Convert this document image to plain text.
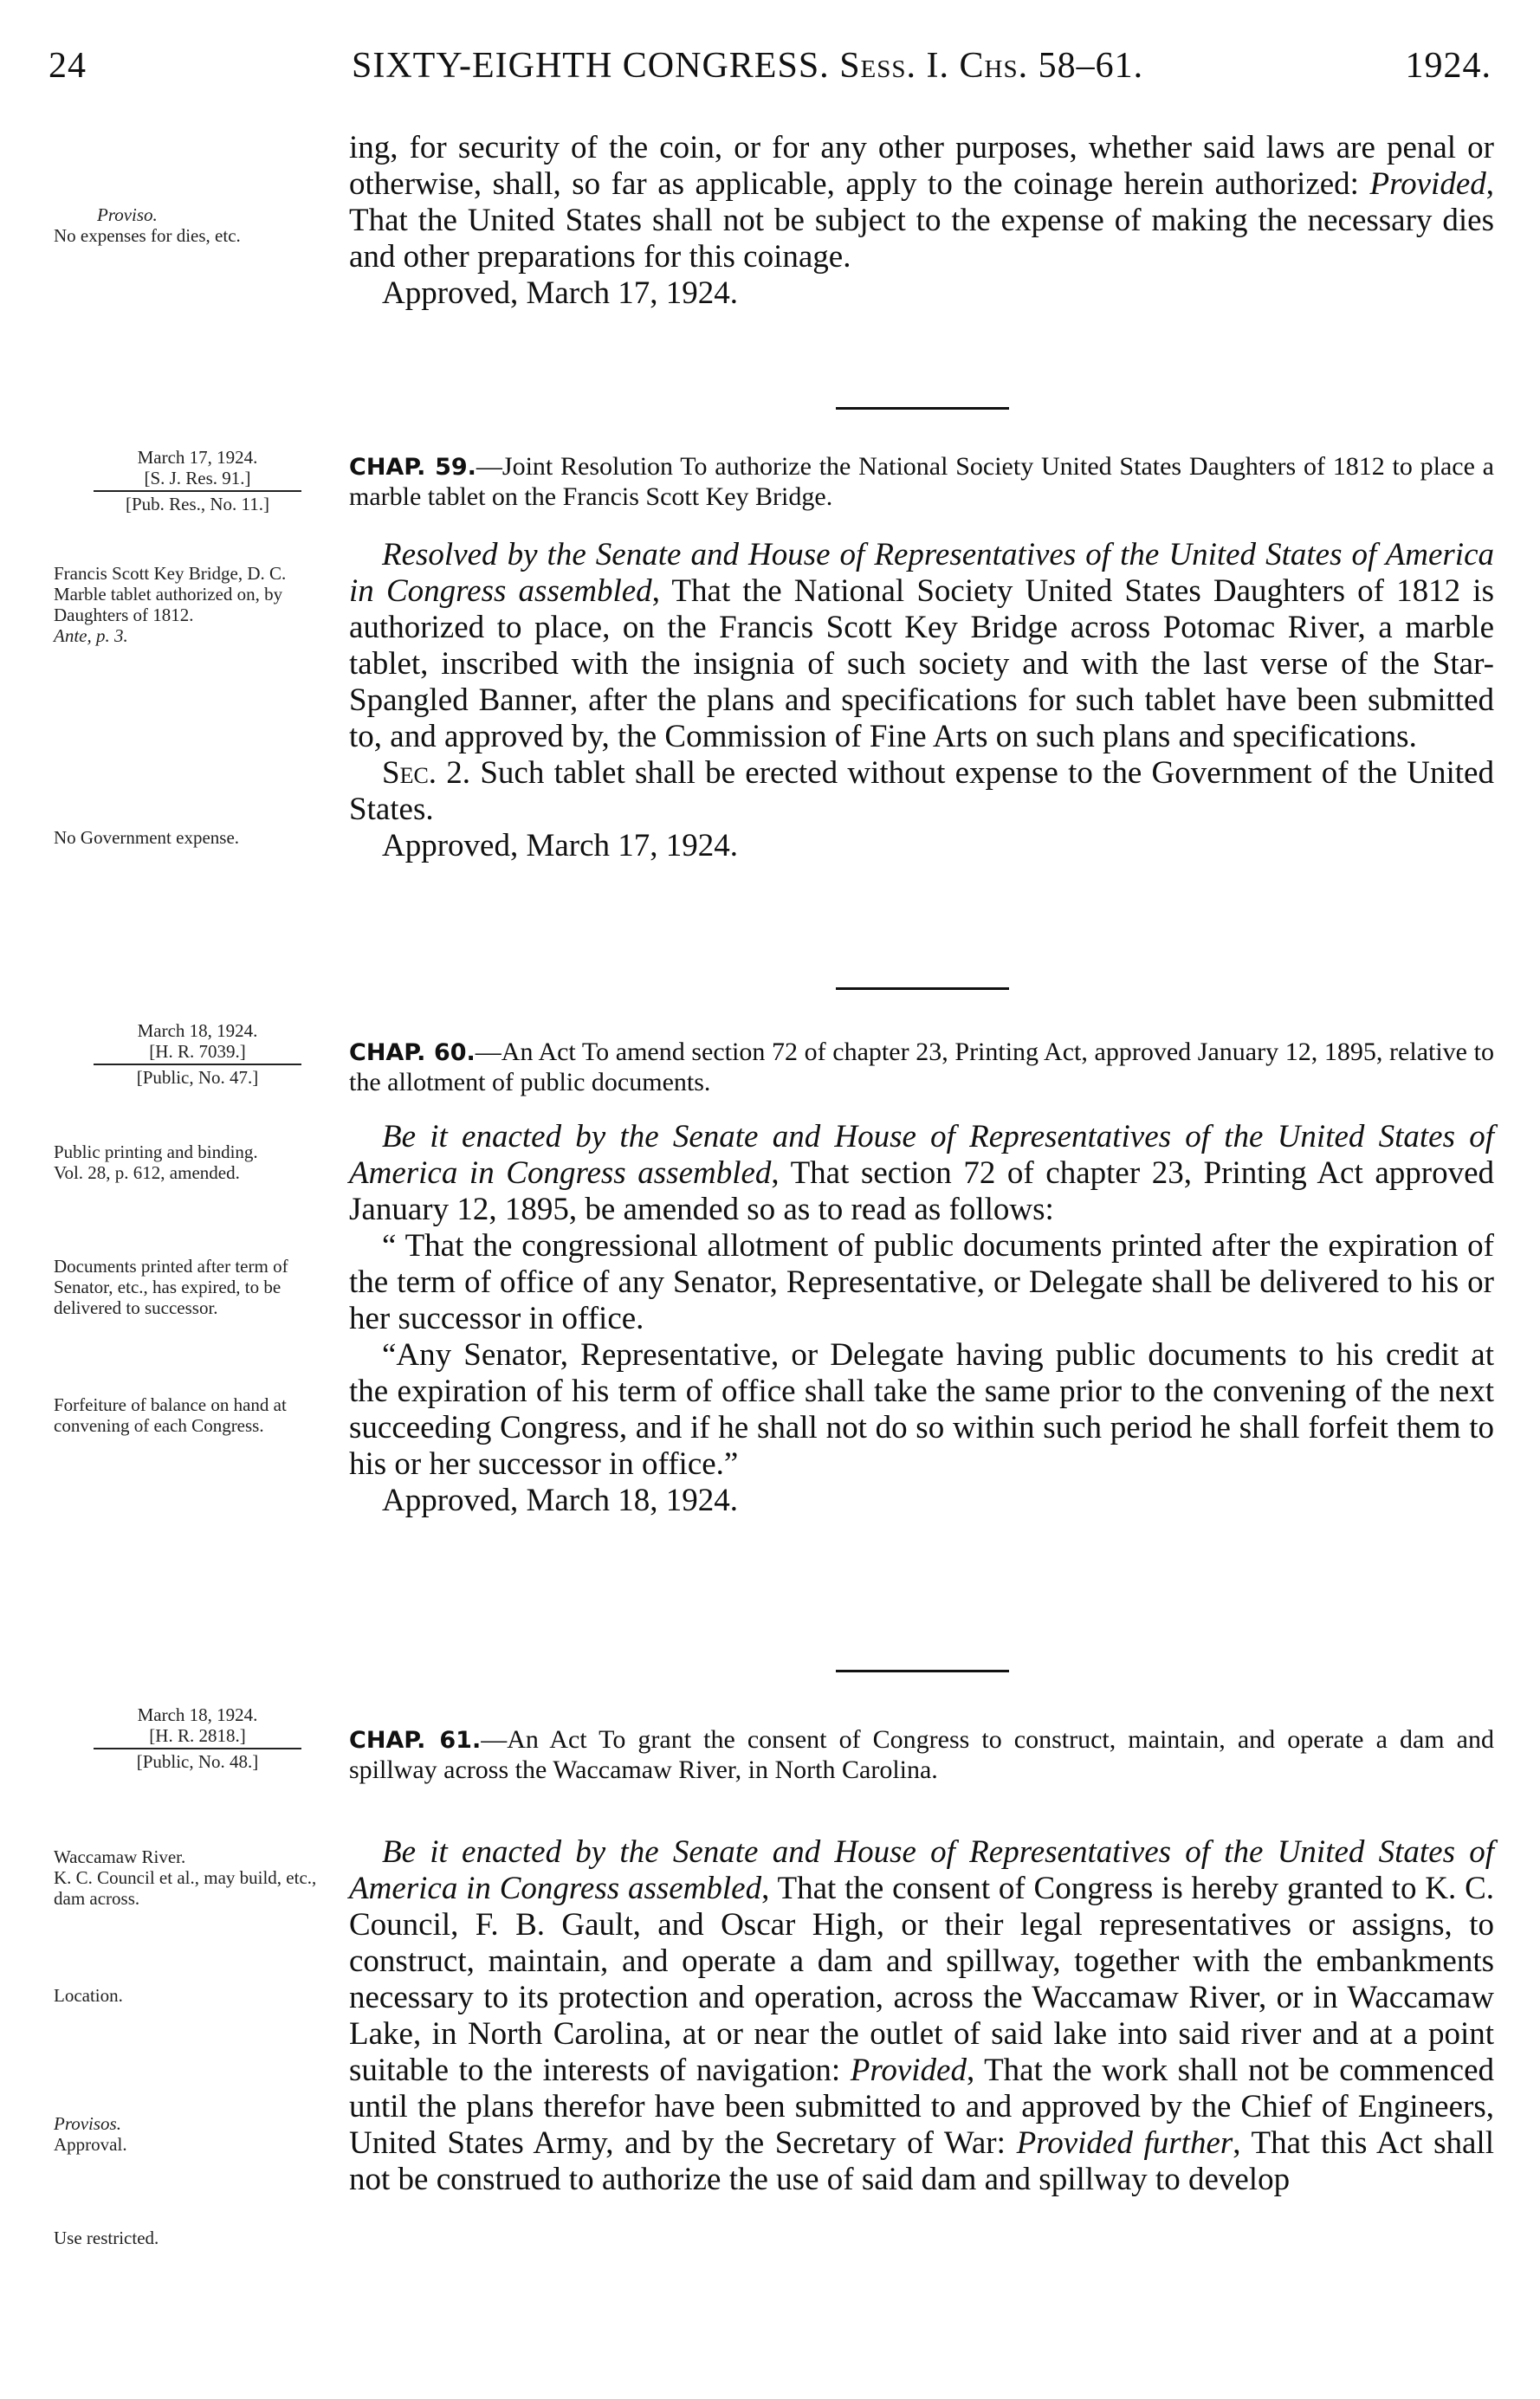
24	SIXTY-EIGHTH CONGRESS. Sess. I. Chs. 58–61.	1924.
Proviso.
No expenses for dies, etc.

ing, for security of the coin, or for any other purposes, whether said laws are penal or otherwise, shall, so far as applicable, apply to the coinage herein authorized: Provided, That the United States shall not be subject to the expense of making the necessary dies and other preparations for this coinage.

Approved, March 17, 1924.

March 17, 1924.
[S. J. Res. 91.]
[Pub. Res., No. 11.]
CHAP. 59.—Joint Resolution To authorize the National Society United States Daughters of 1812 to place a marble tablet on the Francis Scott Key Bridge.
Francis Scott Key Bridge, D. C.
Marble tablet authorized on, by Daughters of 1812.
Ante, p. 3.
No Government expense.

Resolved by the Senate and House of Representatives of the United States of America in Congress assembled, That the National Society United States Daughters of 1812 is authorized to place, on the Francis Scott Key Bridge across Potomac River, a marble tablet, inscribed with the insignia of such society and with the last verse of the Star-Spangled Banner, after the plans and specifications for such tablet have been submitted to, and approved by, the Commission of Fine Arts on such plans and specifications.

Sec. 2. Such tablet shall be erected without expense to the Government of the United States.

Approved, March 17, 1924.

March 18, 1924.
[H. R. 7039.]
[Public, No. 47.]
CHAP. 60.—An Act To amend section 72 of chapter 23, Printing Act, approved January 12, 1895, relative to the allotment of public documents.
Public printing and binding.
Vol. 28, p. 612, amended.
Documents printed after term of Senator, etc., has expired, to be delivered to successor.
Forfeiture of balance on hand at convening of each Congress.

Be it enacted by the Senate and House of Representatives of the United States of America in Congress assembled, That section 72 of chapter 23, Printing Act approved January 12, 1895, be amended so as to read as follows:

“ That the congressional allotment of public documents printed after the expiration of the term of office of any Senator, Representative, or Delegate shall be delivered to his or her successor in office.

“Any Senator, Representative, or Delegate having public documents to his credit at the expiration of his term of office shall take the same prior to the convening of the next succeeding Congress, and if he shall not do so within such period he shall forfeit them to his or her successor in office.”

Approved, March 18, 1924.

March 18, 1924.
[H. R. 2818.]
[Public, No. 48.]
CHAP. 61.—An Act To grant the consent of Congress to construct, maintain, and operate a dam and spillway across the Waccamaw River, in North Carolina.
Waccamaw River.
K. C. Council et al., may build, etc., dam across.
Location.
Provisos.
Approval.
Use restricted.

Be it enacted by the Senate and House of Representatives of the United States of America in Congress assembled, That the consent of Congress is hereby granted to K. C. Council, F. B. Gault, and Oscar High, or their legal representatives or assigns, to construct, maintain, and operate a dam and spillway, together with the embankments necessary to its protection and operation, across the Waccamaw River, or in Waccamaw Lake, in North Carolina, at or near the outlet of said lake into said river and at a point suitable to the interests of navigation: Provided, That the work shall not be commenced until the plans therefor have been submitted to and approved by the Chief of Engineers, United States Army, and by the Secretary of War: Provided further, That this Act shall not be construed to authorize the use of said dam and spillway to develop
